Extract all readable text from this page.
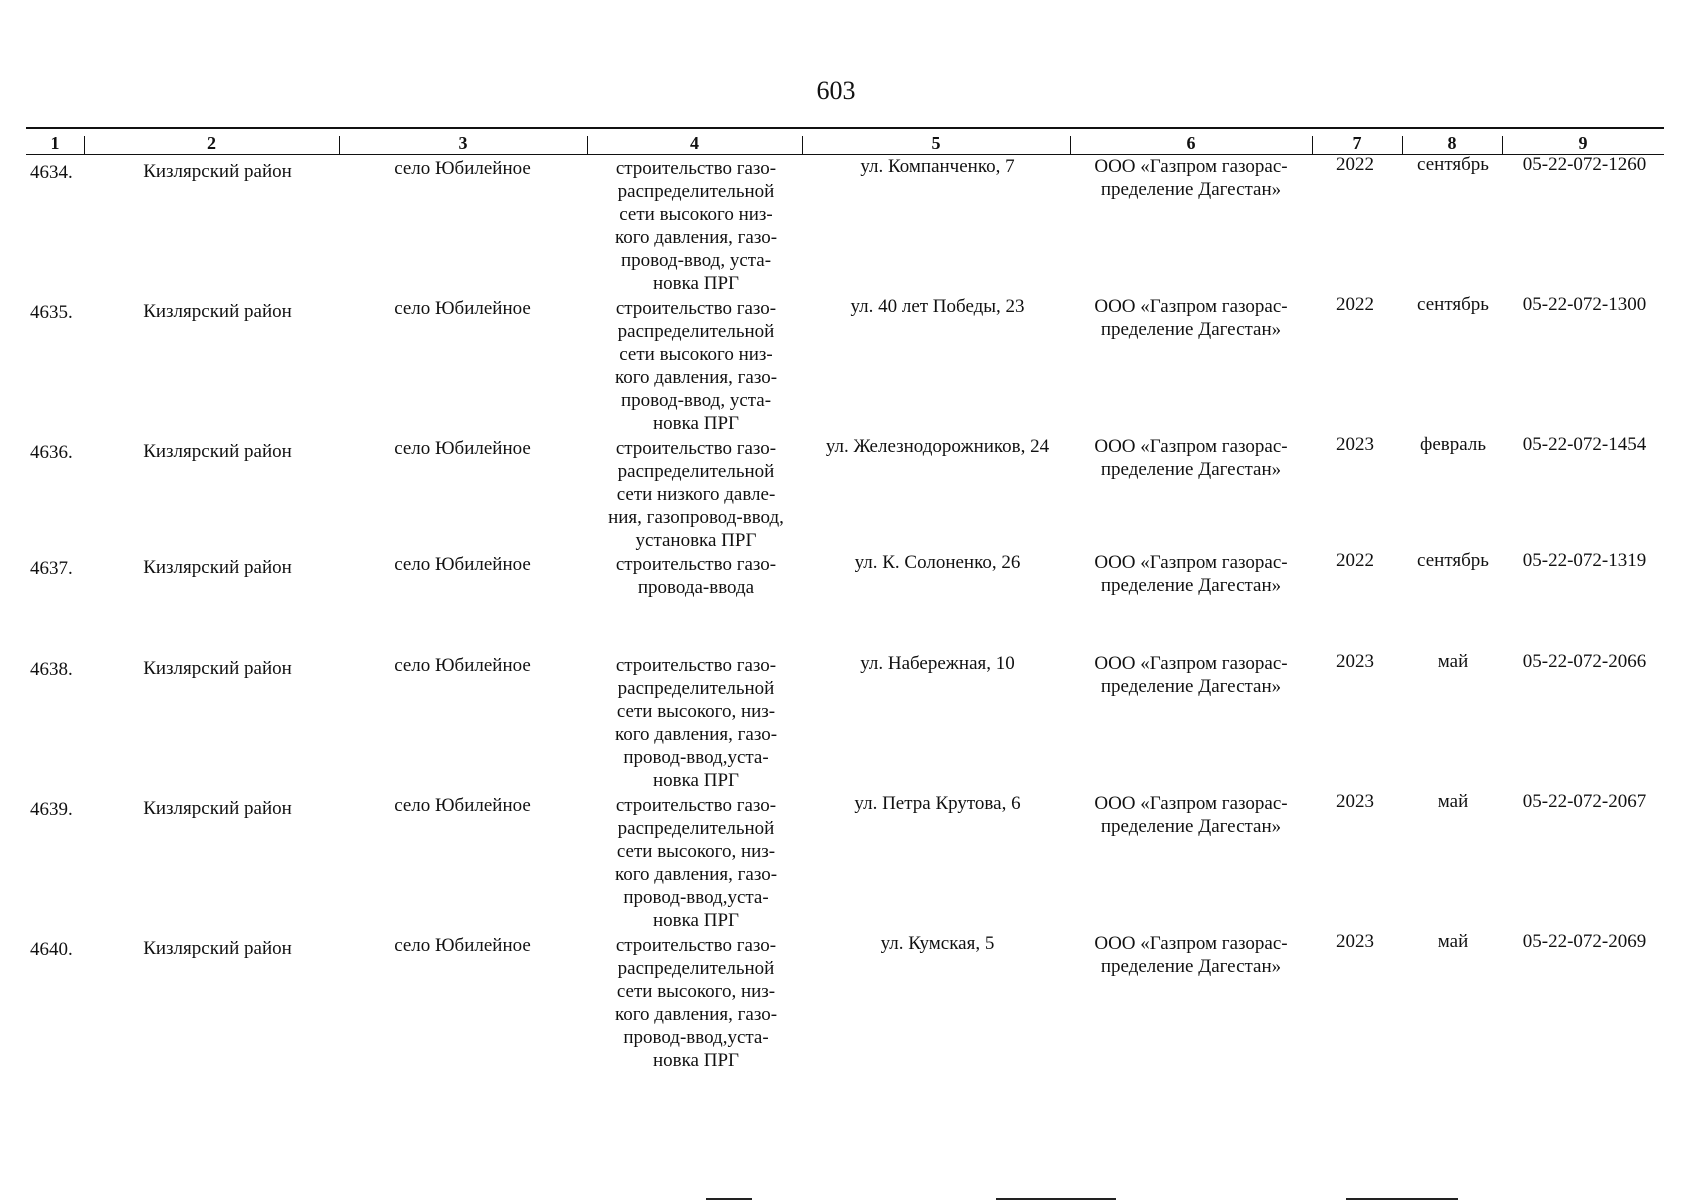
603
1	2	3	4	5	6	7	8	9
4634.	Кизлярский район	село Юбилейное	строительство газо-
распределительной
сети высокого низ-
кого давления, газо-
провод-ввод, уста-
новка ПРГ
ул. Компанченко, 7	ООО «Газпром газорас-
пределение Дагестан»
2022	сентябрь	05-22-072-1260
4635.	Кизлярский район	село Юбилейное	строительство газо-
распределительной
сети высокого низ-
кого давления, газо-
провод-ввод, уста-
новка ПРГ
ул. 40 лет Победы, 23	ООО «Газпром газорас-
пределение Дагестан»
2022	сентябрь	05-22-072-1300
4636.	Кизлярский район	село Юбилейное	строительство газо-
распределительной
сети низкого давле-
ния, газопровод-ввод,
установка ПРГ
ул. Железнодорожников, 24	ООО «Газпром газорас-
пределение Дагестан»
2023	февраль	05-22-072-1454
4637.	Кизлярский район	село Юбилейное	строительство газо-
провода-ввода
ул. К. Солоненко, 26	ООО «Газпром газорас-
пределение Дагестан»
2022	сентябрь	05-22-072-1319
4638.	Кизлярский район	село Юбилейное	строительство газо-
распределительной
сети высокого, низ-
кого давления, газо-
провод-ввод,уста-
новка ПРГ
ул. Набережная, 10	ООО «Газпром газорас-
пределение Дагестан»
2023	май	05-22-072-2066
4639.	Кизлярский район	село Юбилейное	строительство газо-
распределительной
сети высокого, низ-
кого давления, газо-
провод-ввод,уста-
новка ПРГ
ул. Петра Крутова, 6	ООО «Газпром газорас-
пределение Дагестан»
2023	май	05-22-072-2067
4640.	Кизлярский район	село Юбилейное	строительство газо-
распределительной
сети высокого, низ-
кого давления, газо-
провод-ввод,уста-
новка ПРГ
ул. Кумская, 5	ООО «Газпром газорас-
пределение Дагестан»
2023	май	05-22-072-2069
